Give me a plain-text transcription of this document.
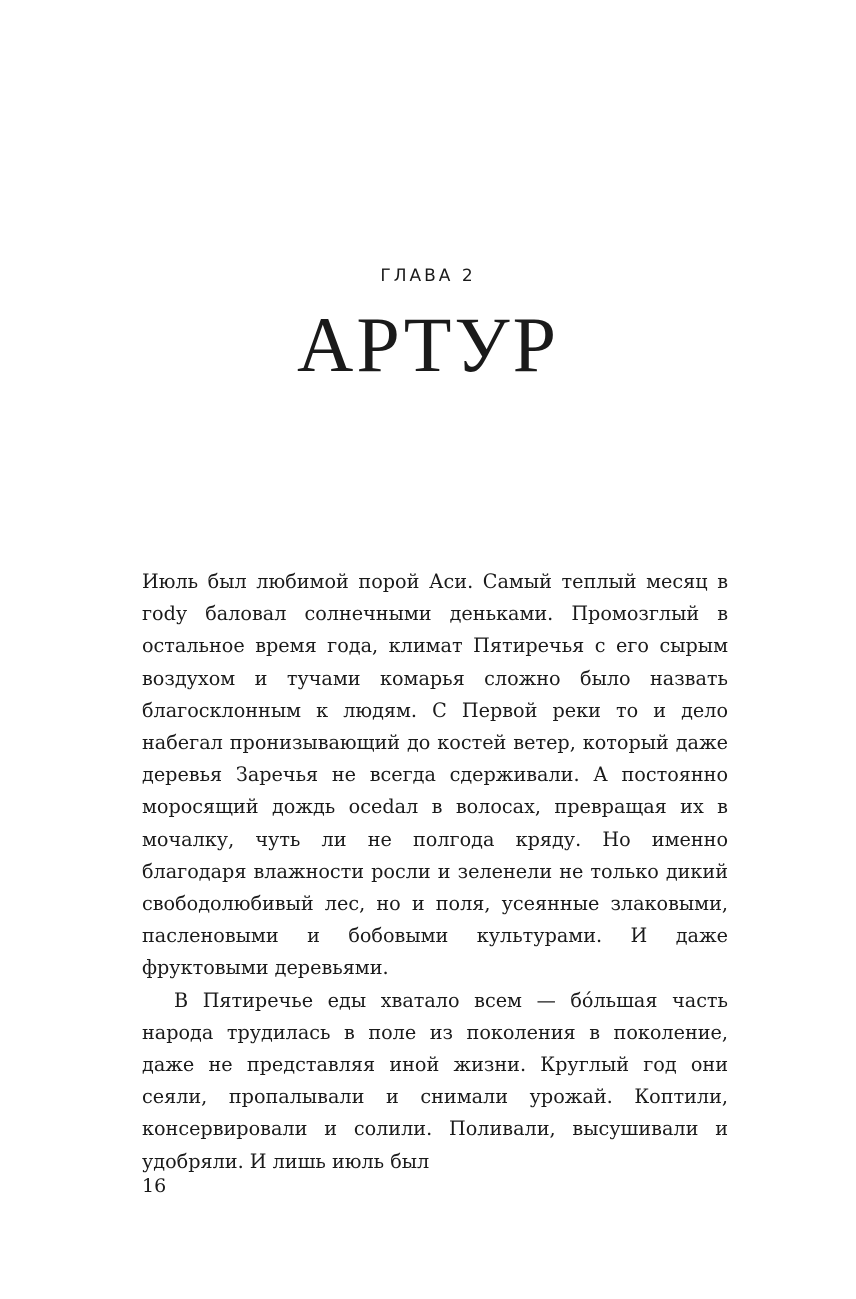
ГЛАВА 2
АРТУР

Июль был любимой порой Аси. Самый теплый месяц в гоdу баловал солнечными деньками. Промозглый в остальное время года, климат Пятиречья с его сырым воздухом и тучами комарья сложно было назвать благосклонным к людям. С Первой реки то и дело набегал пронизывающий до костей ветер, который даже деревья Заречья не всегда сдерживали. А постоянно моросящий дождь осеdал в волосах, превращая их в мочалку, чуть ли не полгода кряду. Но именно благодаря влажности росли и зеленели не только дикий свободолюбивый лес, но и поля, усеянные злаковыми, пасленовыми и бобовыми культурами. И даже фруктовыми деревьями.

В Пятиречье еды хватало всем — бóльшая часть народа трудилась в поле из поколения в поколение, даже не представляя иной жизни. Круглый год они сеяли, пропалывали и снимали урожай. Коптили, консервировали и солили. Поливали, высушивали и удобряли. И лишь июль был

16
